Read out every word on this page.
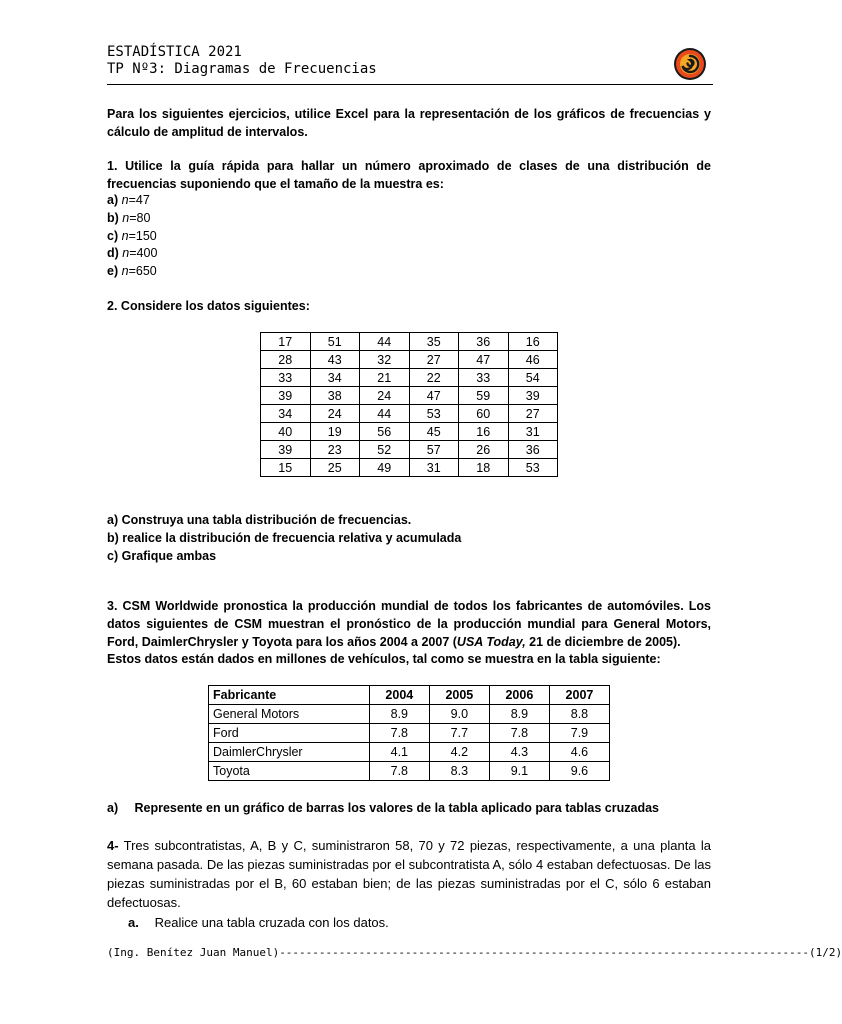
ESTADÍSTICA 2021
TP Nº3: Diagramas de Frecuencias
Para los siguientes ejercicios, utilice Excel para la representación de los gráficos de frecuencias y cálculo de amplitud de intervalos.
1. Utilice la guía rápida para hallar un número aproximado de clases de una distribución de frecuencias suponiendo que el tamaño de la muestra es:
a) n=47
b) n=80
c) n=150
d) n=400
e) n=650
2. Considere los datos siguientes:
17	51	44	35	36	16
28	43	32	27	47	46
33	34	21	22	33	54
39	38	24	47	59	39
34	24	44	53	60	27
40	19	56	45	16	31
39	23	52	57	26	36
15	25	49	31	18	53
a) Construya una tabla distribución de frecuencias.
b) realice la distribución de frecuencia relativa y acumulada
c) Grafique ambas
3. CSM Worldwide pronostica la producción mundial de todos los fabricantes de automóviles. Los datos siguientes de CSM muestran el pronóstico de la producción mundial para General Motors, Ford, DaimlerChrysler y Toyota para los años 2004 a 2007 (USA Today, 21 de diciembre de 2005).
Estos datos están dados en millones de vehículos, tal como se muestra en la tabla siguiente:
Fabricante	2004	2005	2006	2007
General Motors	8.9	9.0	8.9	8.8
Ford	7.8	7.7	7.8	7.9
DaimlerChrysler	4.1	4.2	4.3	4.6
Toyota	7.8	8.3	9.1	9.6
a) Represente en un gráfico de barras los valores de la tabla aplicado para tablas cruzadas
4- Tres subcontratistas, A, B y C, suministraron 58, 70 y 72 piezas, respectivamente, a una planta la semana pasada. De las piezas suministradas por el subcontratista A, sólo 4 estaban defectuosas. De las piezas suministradas por el B, 60 estaban bien; de las piezas suministradas por el C, sólo 6 estaban defectuosas.
a. Realice una tabla cruzada con los datos.
(Ing. Benítez Juan Manuel)--------------------------------------------------------------------------------(1/2)
